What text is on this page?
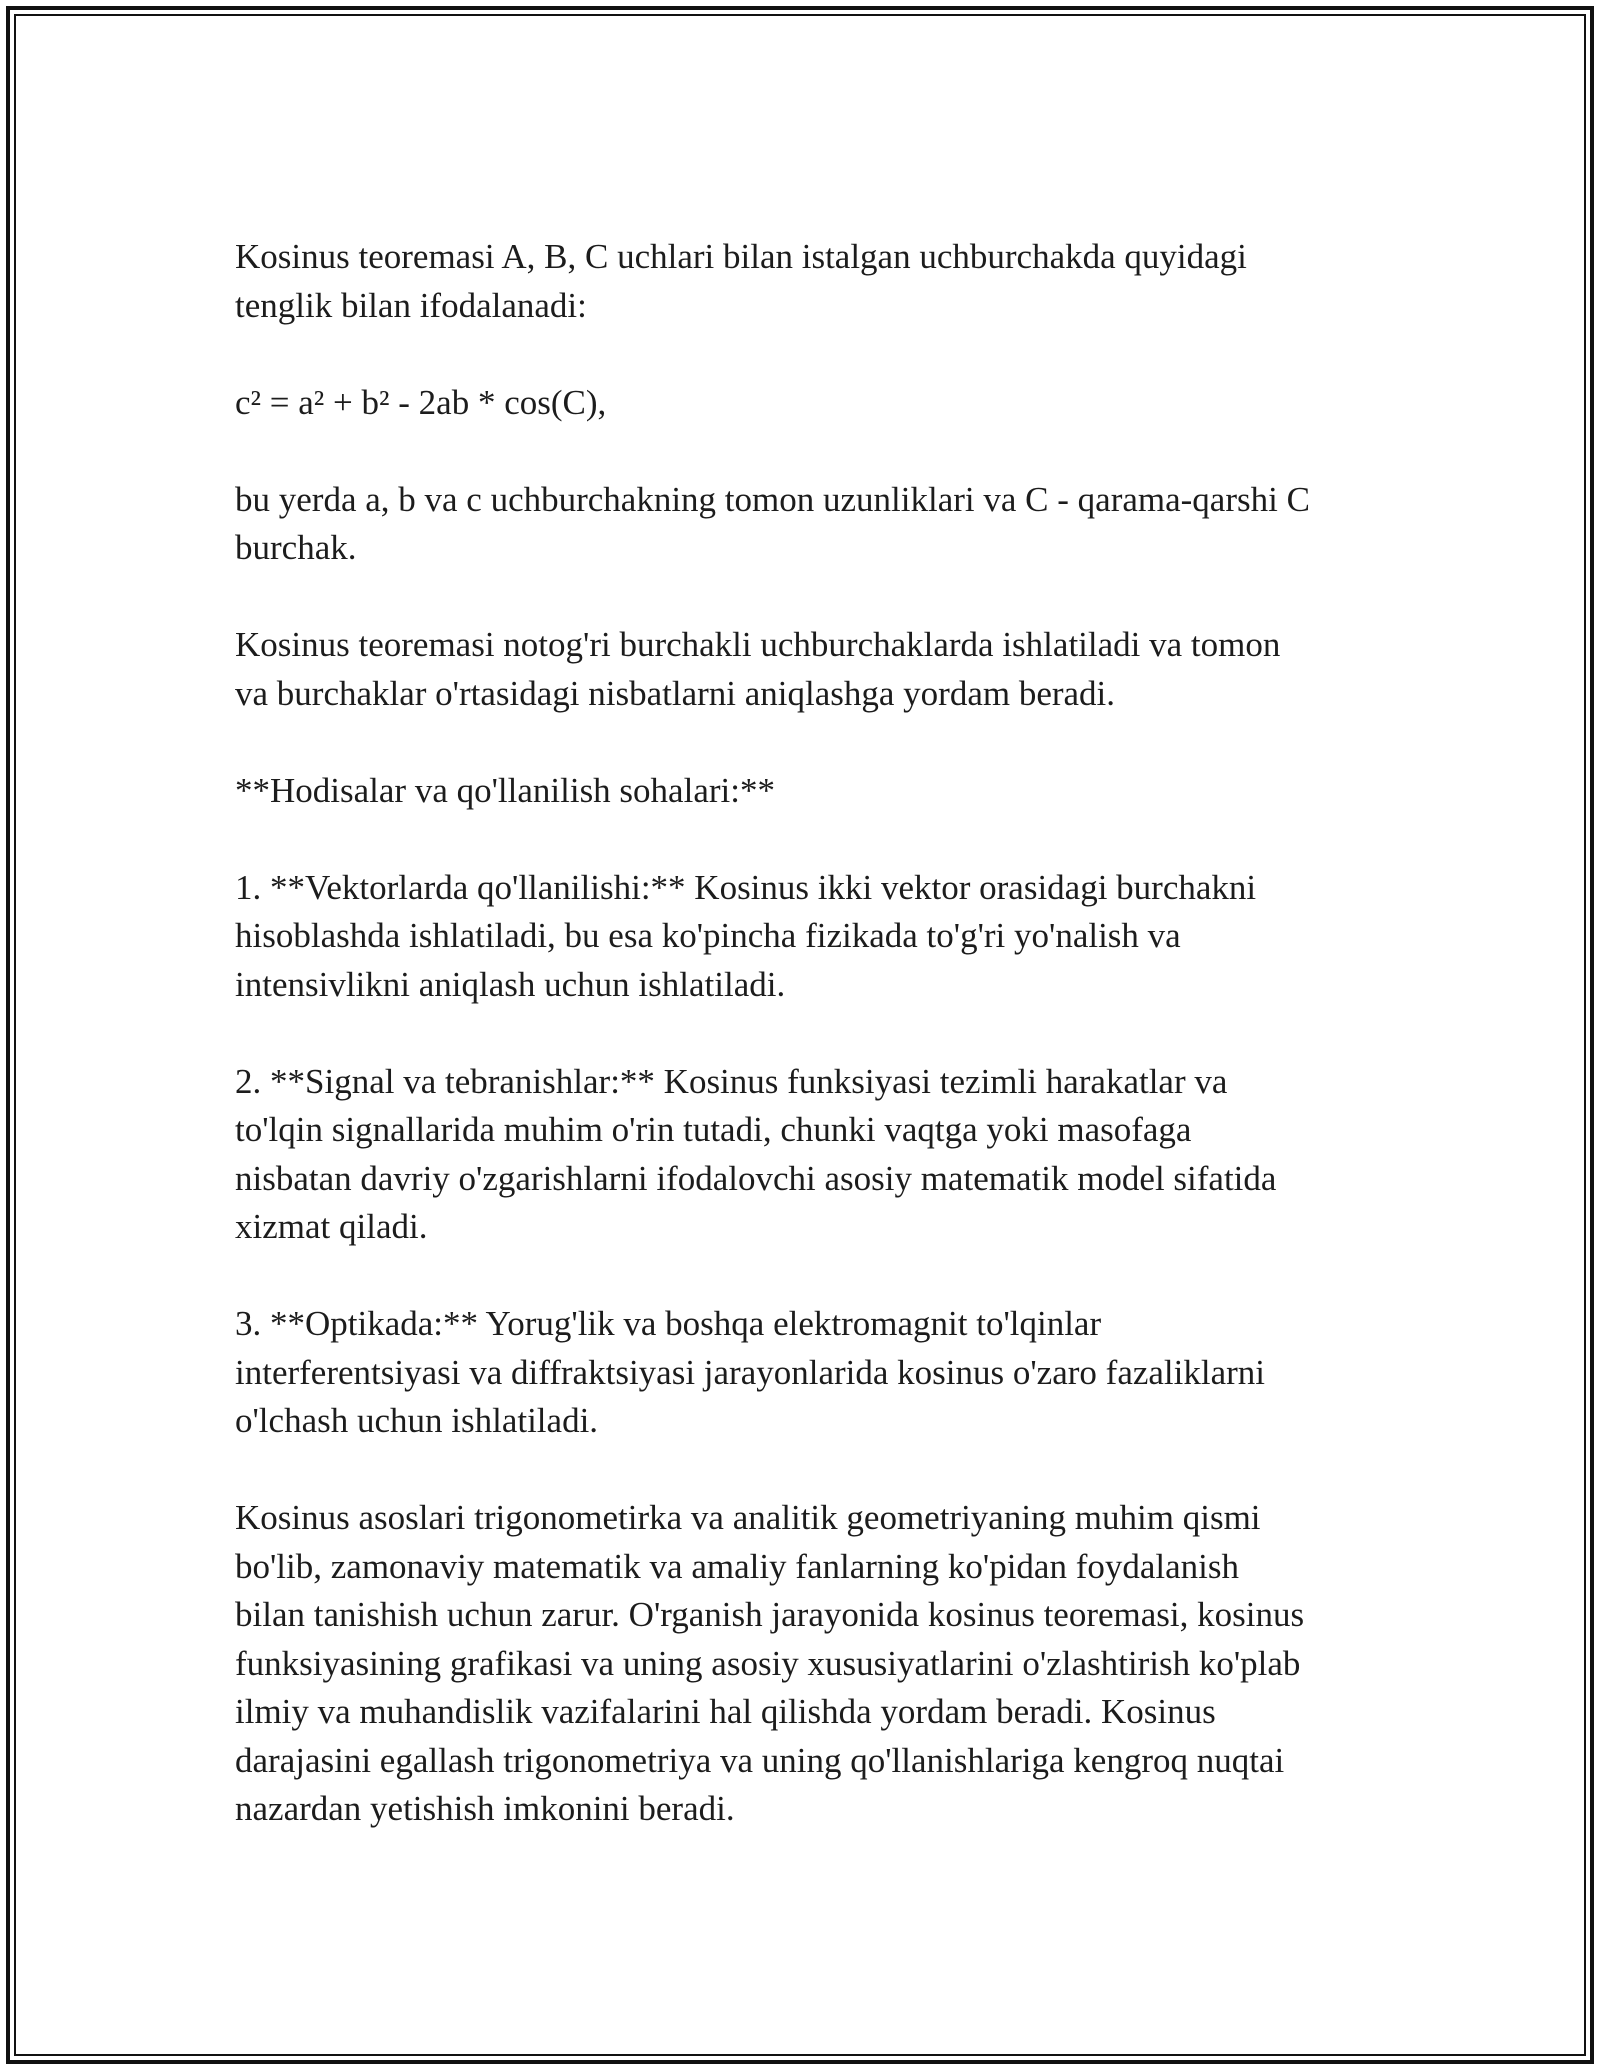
Kosinus teoremasi A, B, C uchlari bilan istalgan uchburchakda quyidagi
tenglik bilan ifodalanadi:

c² = a² + b² - 2ab * cos(C),

bu yerda a, b va c uchburchakning tomon uzunliklari va C - qarama-qarshi C
burchak.

Kosinus teoremasi notog'ri burchakli uchburchaklarda ishlatiladi va tomon
va burchaklar o'rtasidagi nisbatlarni aniqlashga yordam beradi.

**Hodisalar va qo'llanilish sohalari:**

1. **Vektorlarda qo'llanilishi:** Kosinus ikki vektor orasidagi burchakni
hisoblashda ishlatiladi, bu esa ko'pincha fizikada to'g'ri yo'nalish va
intensivlikni aniqlash uchun ishlatiladi.

2. **Signal va tebranishlar:** Kosinus funksiyasi tezimli harakatlar va
to'lqin signallarida muhim o'rin tutadi, chunki vaqtga yoki masofaga
nisbatan davriy o'zgarishlarni ifodalovchi asosiy matematik model sifatida
xizmat qiladi.

3. **Optikada:** Yorug'lik va boshqa elektromagnit to'lqinlar
interferentsiyasi va diffraktsiyasi jarayonlarida kosinus o'zaro fazaliklarni
o'lchash uchun ishlatiladi.

Kosinus asoslari trigonometirka va analitik geometriyaning muhim qismi
bo'lib, zamonaviy matematik va amaliy fanlarning ko'pidan foydalanish
bilan tanishish uchun zarur. O'rganish jarayonida kosinus teoremasi, kosinus
funksiyasining grafikasi va uning asosiy xususiyatlarini o'zlashtirish ko'plab
ilmiy va muhandislik vazifalarini hal qilishda yordam beradi. Kosinus
darajasini egallash trigonometriya va uning qo'llanishlariga kengroq nuqtai
nazardan yetishish imkonini beradi.
